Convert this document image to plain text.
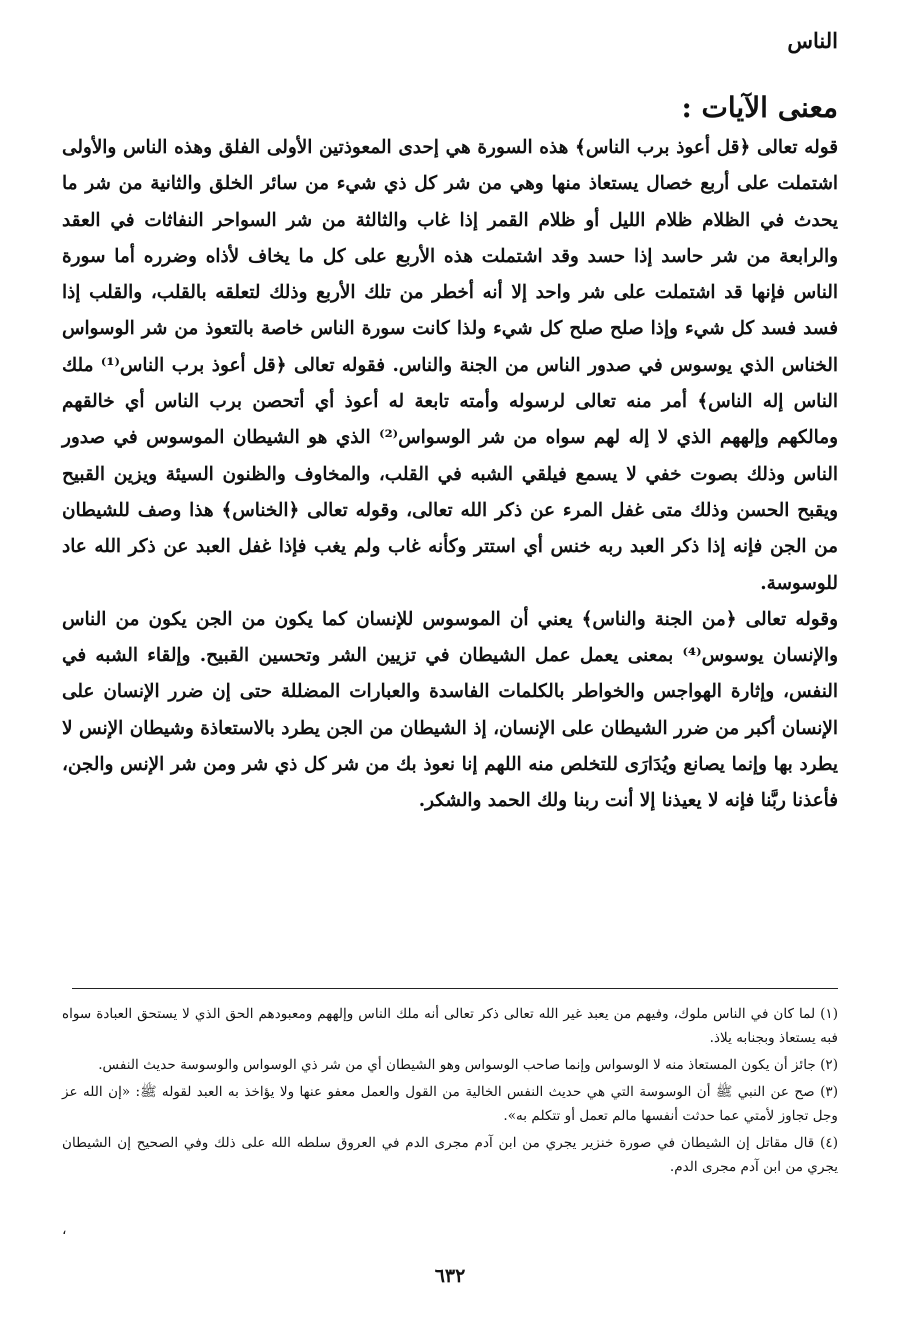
الناس
معنى الآيات :

قوله تعالى ﴿قل أعوذ برب الناس﴾ هذه السورة هي إحدى المعوذتين الأولى الفلق وهذه الناس والأولى اشتملت على أربع خصال يستعاذ منها وهي من شر كل ذي شيء من سائر الخلق والثانية من شر ما يحدث في الظلام ظلام الليل أو ظلام القمر إذا غاب والثالثة من شر السواحر النفاثات في العقد والرابعة من شر حاسد إذا حسد وقد اشتملت هذه الأربع على كل ما يخاف لأذاه وضرره أما سورة الناس فإنها قد اشتملت على شر واحد إلا أنه أخطر من تلك الأربع وذلك لتعلقه بالقلب، والقلب إذا فسد فسد كل شيء وإذا صلح صلح كل شيء ولذا كانت سورة الناس خاصة بالتعوذ من شر الوسواس الخناس الذي يوسوس في صدور الناس من الجنة والناس. فقوله تعالى ﴿قل أعوذ برب الناس⁽¹⁾ ملك الناس إله الناس﴾ أمر منه تعالى لرسوله وأمته تابعة له أعوذ أي أتحصن برب الناس أي خالقهم ومالكهم وإلههم الذي لا إله لهم سواه من شر الوسواس⁽²⁾ الذي هو الشيطان الموسوس في صدور الناس وذلك بصوت خفي لا يسمع فيلقي الشبه في القلب، والمخاوف والظنون السيئة ويزين القبيح ويقبح الحسن وذلك متى غفل المرء عن ذكر الله تعالى، وقوله تعالى ﴿الخناس﴾ هذا وصف للشيطان من الجن فإنه إذا ذكر العبد ربه خنس أي استتر وكأنه غاب ولم يغب فإذا غفل العبد عن ذكر الله عاد للوسوسة.

وقوله تعالى ﴿من الجنة والناس﴾ يعني أن الموسوس للإنسان كما يكون من الجن يكون من الناس والإنسان يوسوس⁽⁴⁾ بمعنى يعمل عمل الشيطان في تزيين الشر وتحسين القبيح. وإلقاء الشبه في النفس، وإثارة الهواجس والخواطر بالكلمات الفاسدة والعبارات المضللة حتى إن ضرر الإنسان على الإنسان أكبر من ضرر الشيطان على الإنسان، إذ الشيطان من الجن يطرد بالاستعاذة وشيطان الإنس لا يطرد بها وإنما يصانع ويُدَارَى للتخلص منه اللهم إنا نعوذ بك من شر كل ذي شر ومن شر الإنس والجن، فأعذنا ربَّنا فإنه لا يعيذنا إلا أنت ربنا ولك الحمد والشكر.

(١) لما كان في الناس ملوك، وفيهم من يعبد غير الله تعالى ذكر تعالى أنه ملك الناس وإلههم ومعبودهم الحق الذي لا يستحق العبادة سواه فبه يستعاذ وبجنابه يلاذ.

(٢) جائز أن يكون المستعاذ منه لا الوسواس وإنما صاحب الوسواس وهو الشيطان أي من شر ذي الوسواس والوسوسة حديث النفس.

(٣) صح عن النبي ﷺ أن الوسوسة التي هي حديث النفس الخالية من القول والعمل معفو عنها ولا يؤاخذ به العبد لقوله ﷺ: «إن الله عز وجل تجاوز لأمتي عما حدثت أنفسها مالم تعمل أو تتكلم به».

(٤) قال مقاتل إن الشيطان في صورة خنزير يجري من ابن آدم مجرى الدم في العروق سلطه الله على ذلك وفي الصحيح إن الشيطان يجري من ابن آدم مجرى الدم.

،
٦٣٢
